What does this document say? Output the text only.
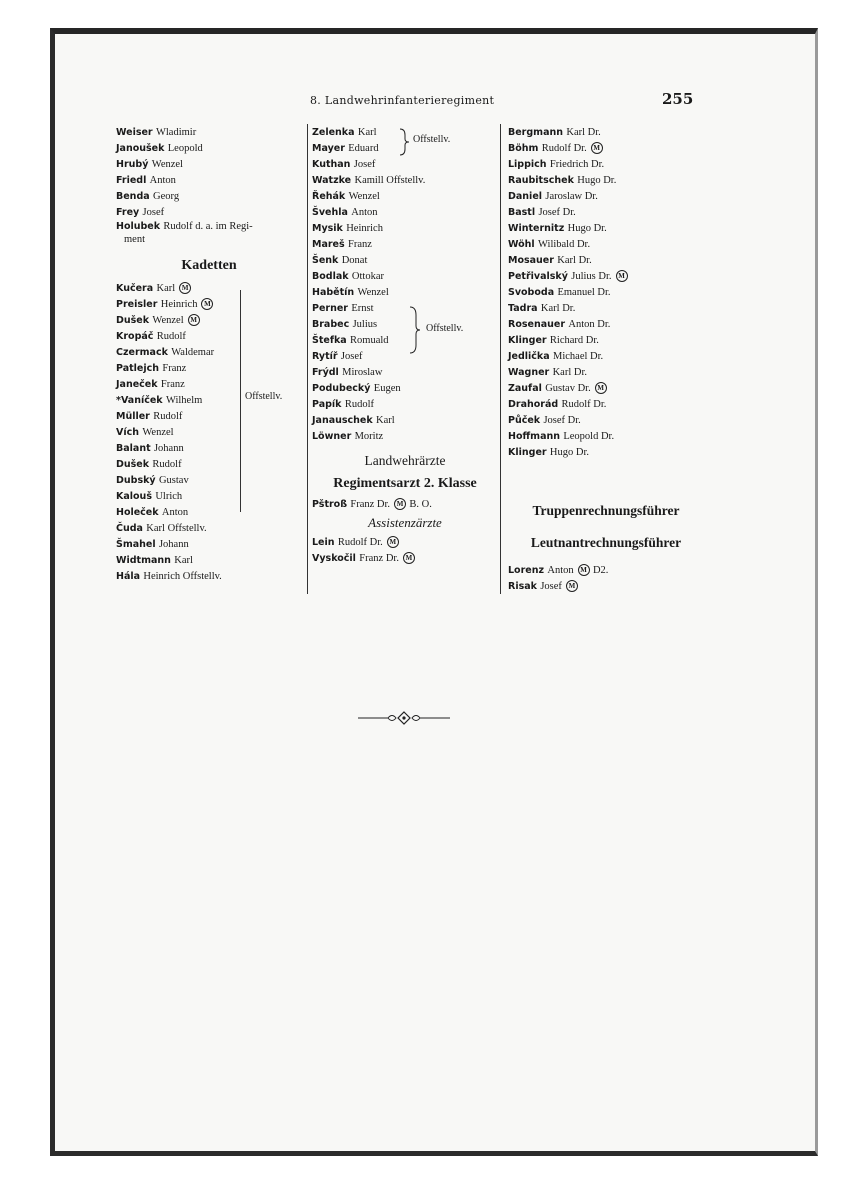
8. Landwehrinfanterieregiment	255
Weiser Wladimir
Janoušek Leopold
Hrubý Wenzel
Friedl Anton
Benda Georg
Frey Josef
Holubek Rudolf d. a. im Regi-
ment
Kadetten
Kučera Karl M
Preisler Heinrich M
Dušek Wenzel M
Kropáč Rudolf
Czermack Waldemar
Patlejch Franz
Janeček Franz
*Vaníček Wilhelm
Müller Rudolf
Vích Wenzel
Balant Johann
Dušek Rudolf
Dubský Gustav
Kalouš Ulrich
Holeček Anton
Čuda Karl Offstellv.
Šmahel Johann
Widtmann Karl
Hála Heinrich Offstellv.
Offstellv.
Zelenka Karl
Mayer Eduard
Kuthan Josef
Watzke Kamill Offstellv.
Řehák Wenzel
Švehla Anton
Mysik Heinrich
Mareš Franz
Šenk Donat
Bodlak Ottokar
Habětín Wenzel
Perner Ernst
Brabec Julius
Štefka Romuald
Rytíř Josef
Frýdl Miroslaw
Podubecký Eugen
Papík Rudolf
Janauschek Karl
Löwner Moritz
Landwehrärzte
Regimentsarzt 2. Klasse
Pštroß Franz Dr. M B. O.
Assistenzärzte
Lein Rudolf Dr. M
Vyskočil Franz Dr. M
Offstellv.
Offstellv.
Bergmann Karl Dr.
Böhm Rudolf Dr. M
Lippich Friedrich Dr.
Raubitschek Hugo Dr.
Daniel Jaroslaw Dr.
Bastl Josef Dr.
Winternitz Hugo Dr.
Wöhl Wilibald Dr.
Mosauer Karl Dr.
Petřivalský Julius Dr. M
Svoboda Emanuel Dr.
Tadra Karl Dr.
Rosenauer Anton Dr.
Klinger Richard Dr.
Jedlička Michael Dr.
Wagner Karl Dr.
Zaufal Gustav Dr. M
Drahorád Rudolf Dr.
Půček Josef Dr.
Hoffmann Leopold Dr.
Klinger Hugo Dr.
Truppenrechnungsführer
Leutnantrechnungsführer
Lorenz Anton M D2.
Risak Josef M
